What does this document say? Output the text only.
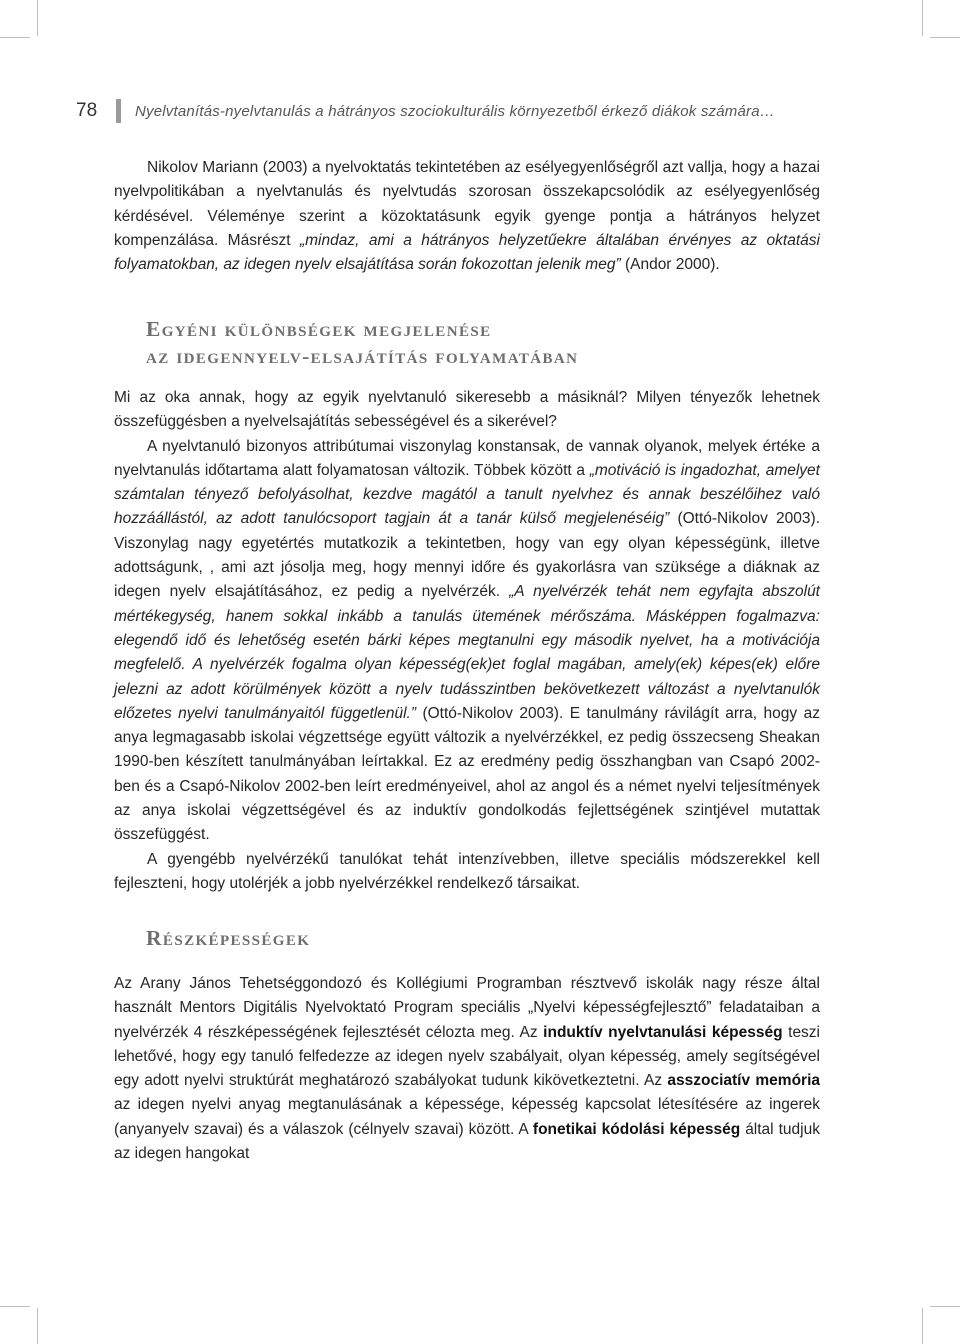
78	Nyelvtanítás-nyelvtanulás a hátrányos szociokulturális környezetből érkező diákok számára…

Nikolov Mariann (2003) a nyelvoktatás tekintetében az esélyegyenlőségről azt vallja, hogy a hazai nyelvpolitikában a nyelvtanulás és nyelvtudás szorosan összekapcsolódik az esélyegyenlőség kérdésével. Véleménye szerint a közoktatásunk egyik gyenge pontja a hátrányos helyzet kompenzálása. Másrészt „mindaz, ami a hátrányos helyzetűekre általában érvényes az oktatási folyamatokban, az idegen nyelv elsajátítása során fokozottan jelenik meg” (Andor 2000).

Egyéni különbségek megjelenése
az idegennyelv-elsajátítás folyamatában

Mi az oka annak, hogy az egyik nyelvtanuló sikeresebb a másiknál? Milyen tényezők lehetnek összefüggésben a nyelvelsajátítás sebességével és a sikerével?

A nyelvtanuló bizonyos attribútumai viszonylag konstansak, de vannak olyanok, melyek értéke a nyelvtanulás időtartama alatt folyamatosan változik. Többek között a „motiváció is ingadozhat, amelyet számtalan tényező befolyásolhat, kezdve magától a tanult nyelvhez és annak beszélőihez való hozzáállástól, az adott tanulócsoport tagjain át a tanár külső megjelenéséig” (Ottó-Nikolov 2003). Viszonylag nagy egyetértés mutatkozik a tekintetben, hogy van egy olyan képességünk, illetve adottságunk, , ami azt jósolja meg, hogy mennyi időre és gyakorlásra van szüksége a diáknak az idegen nyelv elsajátításához, ez pedig a nyelvérzék. „A nyelvérzék tehát nem egyfajta abszolút mértékegység, hanem sokkal inkább a tanulás ütemének mérőszáma. Másképpen fogalmazva: elegendő idő és lehetőség esetén bárki képes megtanulni egy második nyelvet, ha a motivációja megfelelő. A nyelvérzék fogalma olyan képesség(ek)et foglal magában, amely(ek) képes(ek) előre jelezni az adott körülmények között a nyelv tudásszintben bekövetkezett változást a nyelvtanulók előzetes nyelvi tanulmányaitól függetlenül.” (Ottó-Nikolov 2003). E tanulmány rávilágít arra, hogy az anya legmagasabb iskolai végzettsége együtt változik a nyelvérzékkel, ez pedig összecseng Sheakan 1990-ben készített tanulmányában leírtakkal. Ez az eredmény pedig összhangban van Csapó 2002-ben és a Csapó-Nikolov 2002-ben leírt eredményeivel, ahol az angol és a német nyelvi teljesítmények az anya iskolai végzettségével és az induktív gondolkodás fejlettségének szintjével mutattak összefüggést.

A gyengébb nyelvérzékű tanulókat tehát intenzívebben, illetve speciális módszerekkel kell fejleszteni, hogy utolérjék a jobb nyelvérzékkel rendelkező társaikat.

Részképességek

Az Arany János Tehetséggondozó és Kollégiumi Programban résztvevő iskolák nagy része által használt Mentors Digitális Nyelvoktató Program speciális „Nyelvi képességfejlesztő” feladataiban a nyelvérzék 4 részképességének fejlesztését célozta meg. Az induktív nyelvtanulási képesség teszi lehetővé, hogy egy tanuló felfedezze az idegen nyelv szabályait, olyan képesség, amely segítségével egy adott nyelvi struktúrát meghatározó szabályokat tudunk kikövetkeztetni. Az asszociatív memória az idegen nyelvi anyag megtanulásának a képessége, képesség kapcsolat létesítésére az ingerek (anyanyelv szavai) és a válaszok (célnyelv szavai) között. A fonetikai kódolási képesség által tudjuk az idegen hangokat
